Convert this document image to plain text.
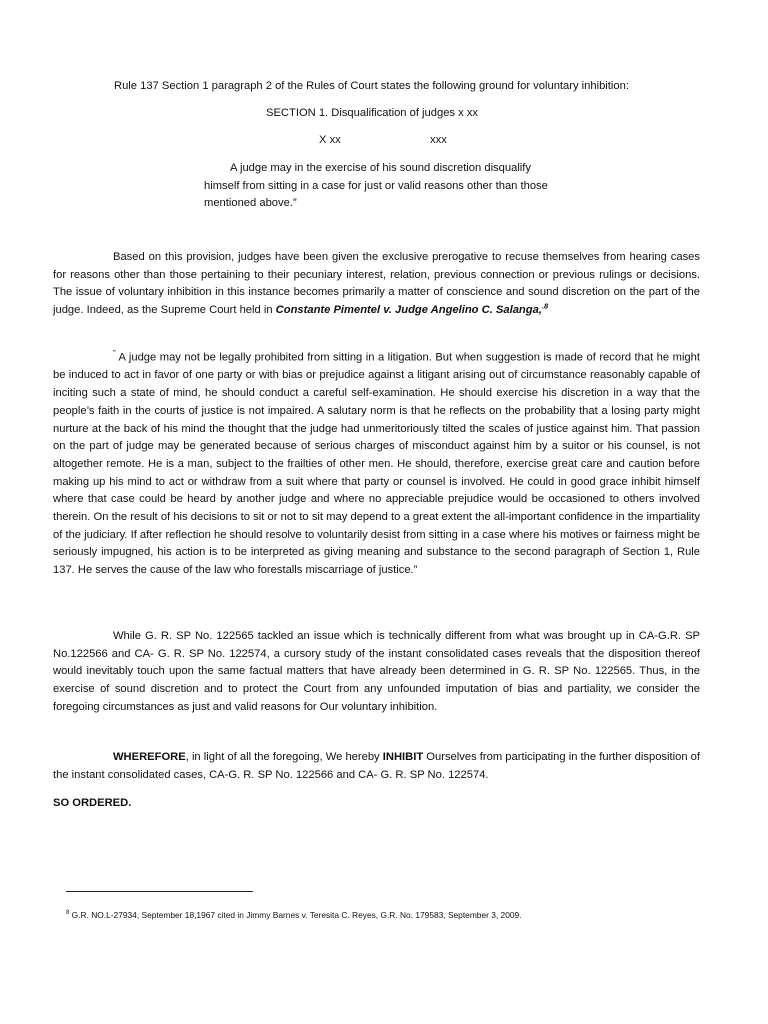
Rule 137 Section 1 paragraph 2 of the Rules of Court states the following ground for voluntary inhibition:
SECTION 1. Disqualification of judges x xx
X xx	xxx
A judge may in the exercise of his sound discretion disqualify
himself from sitting in a case for just or valid reasons other than those
mentioned above.”
Based on this provision, judges have been given the exclusive prerogative to recuse themselves from hearing cases for reasons other than those pertaining to their pecuniary interest, relation, previous connection or previous rulings or decisions. The issue of voluntary inhibition in this instance becomes primarily a matter of conscience and sound discretion on the part of the judge. Indeed, as the Supreme Court held in Constante Pimentel v. Judge Angelino C. Salanga,$^{.8}$
” A judge may not be legally prohibited from sitting in a litigation. But when suggestion is made of record that he might be induced to act in favor of one party or with bias or prejudice against a litigant arising out of circumstance reasonably capable of inciting such a state of mind, he should conduct a careful self-examination. He should exercise his discretion in a way that the people’s faith in the courts of justice is not impaired. A salutary norm is that he reflects on the probability that a losing party might nurture at the back of his mind the thought that the judge had unmeritoriously tilted the scales of justice against him. That passion on the part of judge may be generated because of serious charges of misconduct against him by a suitor or his counsel, is not altogether remote. He is a man, subject to the frailties of other men. He should, therefore, exercise great care and caution before making up his mind to act or withdraw from a suit where that party or counsel is involved. He could in good grace inhibit himself where that case could be heard by another judge and where no appreciable prejudice would be occasioned to others involved therein. On the result of his decisions to sit or not to sit may depend to a great extent the all-important confidence in the impartiality of the judiciary. If after reflection he should resolve to voluntarily desist from sitting in a case where his motives or fairness might be seriously impugned, his action is to be interpreted as giving meaning and substance to the second paragraph of Section 1, Rule 137. He serves the cause of the law who forestalls miscarriage of justice.”
While G. R. SP No. 122565 tackled an issue which is technically different from what was brought up in CA-G.R. SP No.122566 and CA- G. R. SP No. 122574, a cursory study of the instant consolidated cases reveals that the disposition thereof would inevitably touch upon the same factual matters that have already been determined in G. R. SP No. 122565. Thus, in the exercise of sound discretion and to protect the Court from any unfounded imputation of bias and partiality, we consider the foregoing circumstances as just and valid reasons for Our voluntary inhibition.
WHEREFORE, in light of all the foregoing, We hereby INHIBIT Ourselves from participating in the further disposition of the instant consolidated cases, CA-G. R. SP No. 122566 and CA- G. R. SP No. 122574.
SO ORDERED.
$^8$ G.R. NO.L-27934, September 18,1967 cited in Jimmy Barnes v. Teresita C. Reyes, G.R. No. 179583, September 3, 2009.
